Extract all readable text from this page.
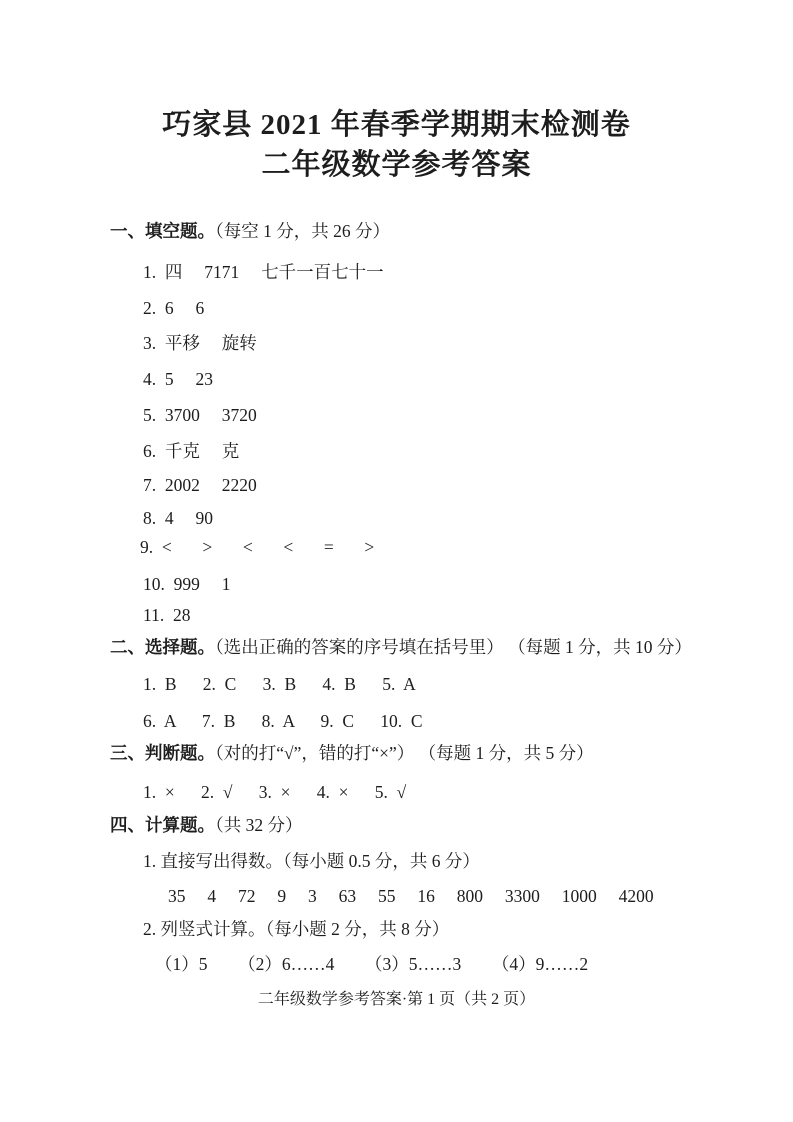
巧家县 2021 年春季学期期末检测卷
二年级数学参考答案
一、填空题。（每空 1 分，共 26 分）
1.  四     7171     七千一百七十一
2.  6     6
3.  平移     旋转
4.  5     23
5.  3700     3720
6.  千克     克
7.  2002     2220
8.  4     90
9.  <       >       <       <       =       >
10.  999     1
11.  28
二、选择题。（选出正确的答案的序号填在括号里） （每题 1 分，共 10 分）
1.  B      2.  C      3.  B      4.  B      5.  A
6.  A      7.  B      8.  A      9.  C      10.  C
三、判断题。（对的打“√”，错的打“×”） （每题 1 分，共 5 分）
1.  ×      2.  √      3.  ×      4.  ×      5.  √
四、计算题。（共 32 分）
1. 直接写出得数。（每小题 0.5 分，共 6 分）
35     4     72     9     3     63     55     16     800     3300     1000     4200
2. 列竖式计算。（每小题 2 分，共 8 分）
（1）5       （2）6……4       （3）5……3       （4）9……2
二年级数学参考答案·第 1 页（共 2 页）
